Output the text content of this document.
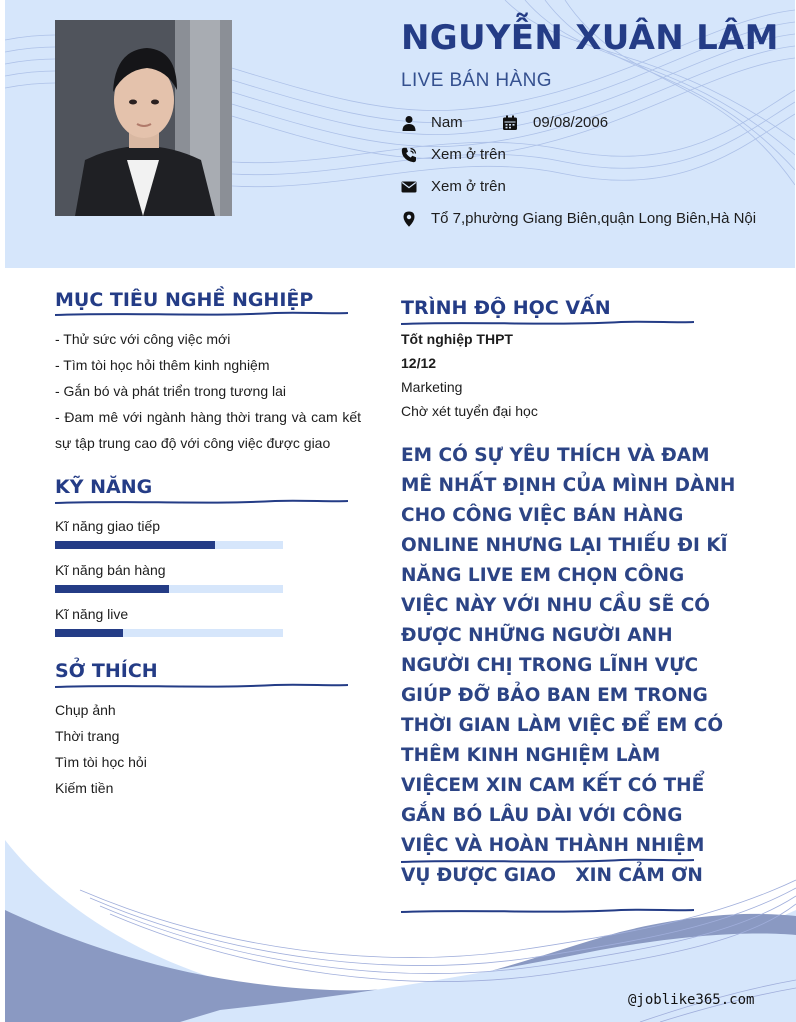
NGUYỄN XUÂN LÂM
LIVE BÁN HÀNG
Nam	09/08/2006
Xem ở trên
Xem ở trên
Tổ 7,phường Giang Biên,quận Long Biên,Hà Nội
MỤC TIÊU NGHỀ NGHIỆP
- Thử sức với công việc mới
- Tìm tòi học hỏi thêm kinh nghiệm
- Gắn bó và phát triển trong tương lai
- Đam mê với ngành hàng thời trang và cam kết sự tập trung cao độ với công việc được giao
KỸ NĂNG
Kĩ năng giao tiếp
Kĩ năng bán hàng
Kĩ năng live
SỞ THÍCH
Chụp ảnh
Thời trang
Tìm tòi học hỏi
Kiếm tiền
TRÌNH ĐỘ HỌC VẤN
Tốt nghiệp THPT
12/12
Marketing
Chờ xét tuyển đại học
EM CÓ SỰ YÊU THÍCH VÀ ĐAM MÊ NHẤT ĐỊNH CỦA MÌNH DÀNH CHO CÔNG VIỆC BÁN HÀNG ONLINE NHƯNG LẠI THIẾU ĐI KĨ NĂNG LIVE EM CHỌN CÔNG VIỆC NÀY VỚI NHU CẦU SẼ CÓ ĐƯỢC NHỮNG NGƯỜI ANH NGƯỜI CHỊ TRONG LĨNH VỰC GIÚP ĐỠ BẢO BAN EM TRONG THỜI GIAN LÀM VIỆC ĐỂ EM CÓ THÊM KINH NGHIỆM LÀM VIỆCEM XIN CAM KẾT CÓ THỂ GẮN BÓ LÂU DÀI VỚI CÔNG VIỆC VÀ HOÀN THÀNH NHIỆM VỤ ĐƯỢC GIAO   XIN CẢM ƠN
@joblike365.com
